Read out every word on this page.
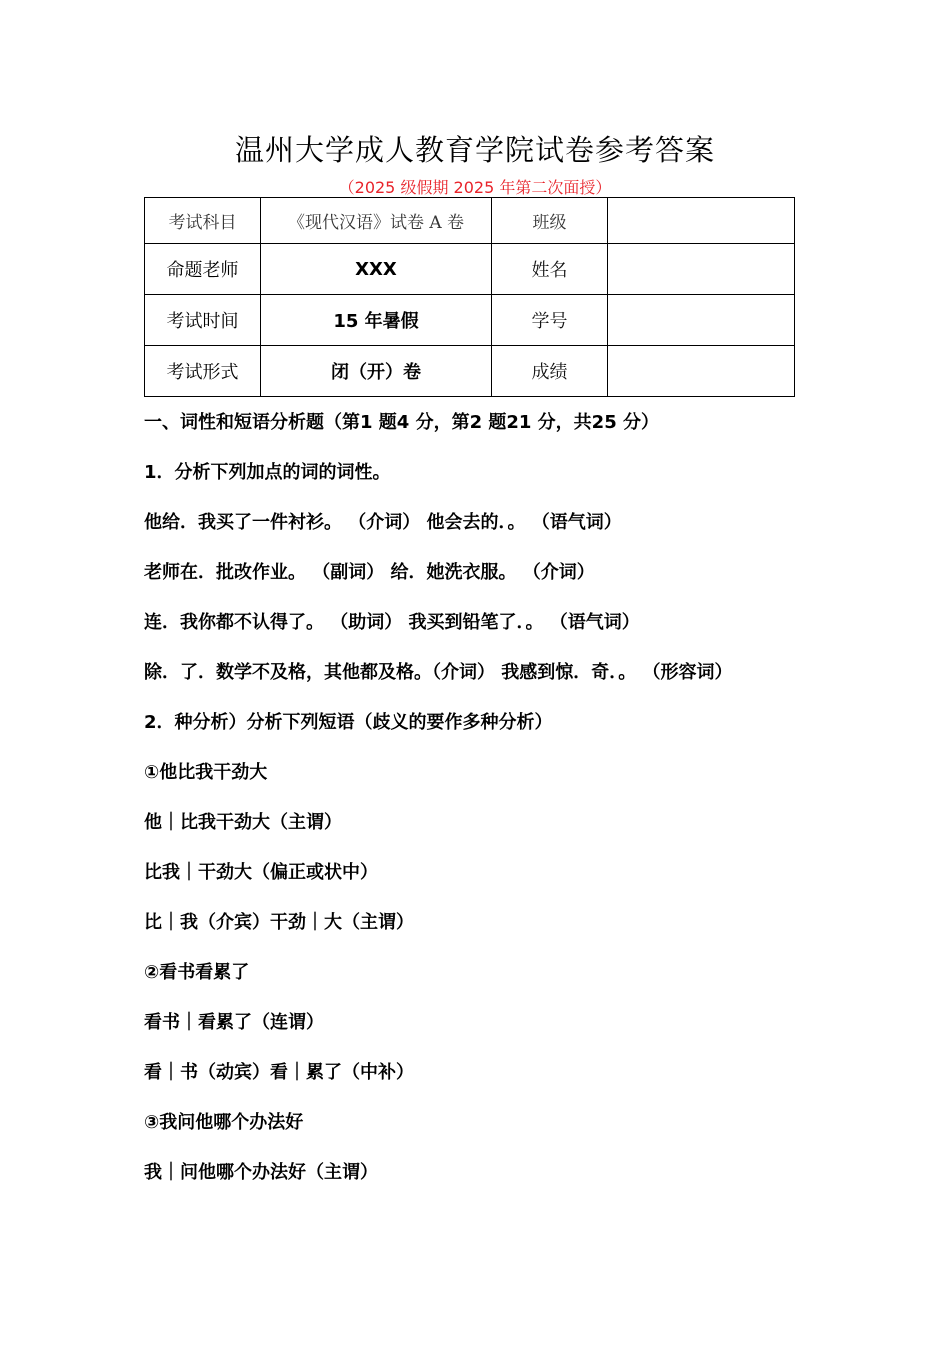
温州大学成人教育学院试卷参考答案
（2025 级假期 2025 年第二次面授）
考试科目	《现代汉语》试卷 A 卷	班级	
命题老师	XXX	姓名	
考试时间	15 年暑假	学号	
考试形式	闭（开）卷	成绩	
一、词性和短语分析题（第1 题4 分，第2 题21 分，共25 分）
1．分析下列加点的词的词性。
他给．我买了一件衬衫。 （介词） 他会去的．。 （语气词）
老师在．批改作业。 （副词） 给．她洗衣服。 （介词）
连．我你都不认得了。 （助词） 我买到铅笔了．。 （语气词）
除．了．数学不及格，其他都及格。（介词） 我感到惊．奇．。 （形容词）
2．种分析）分析下列短语（歧义的要作多种分析）
①他比我干劲大
他｜比我干劲大（主谓）
比我｜干劲大（偏正或状中）
比｜我（介宾）干劲｜大（主谓）
②看书看累了
看书｜看累了（连谓）
看｜书（动宾）看｜累了（中补）
③我问他哪个办法好
我｜问他哪个办法好（主谓）
